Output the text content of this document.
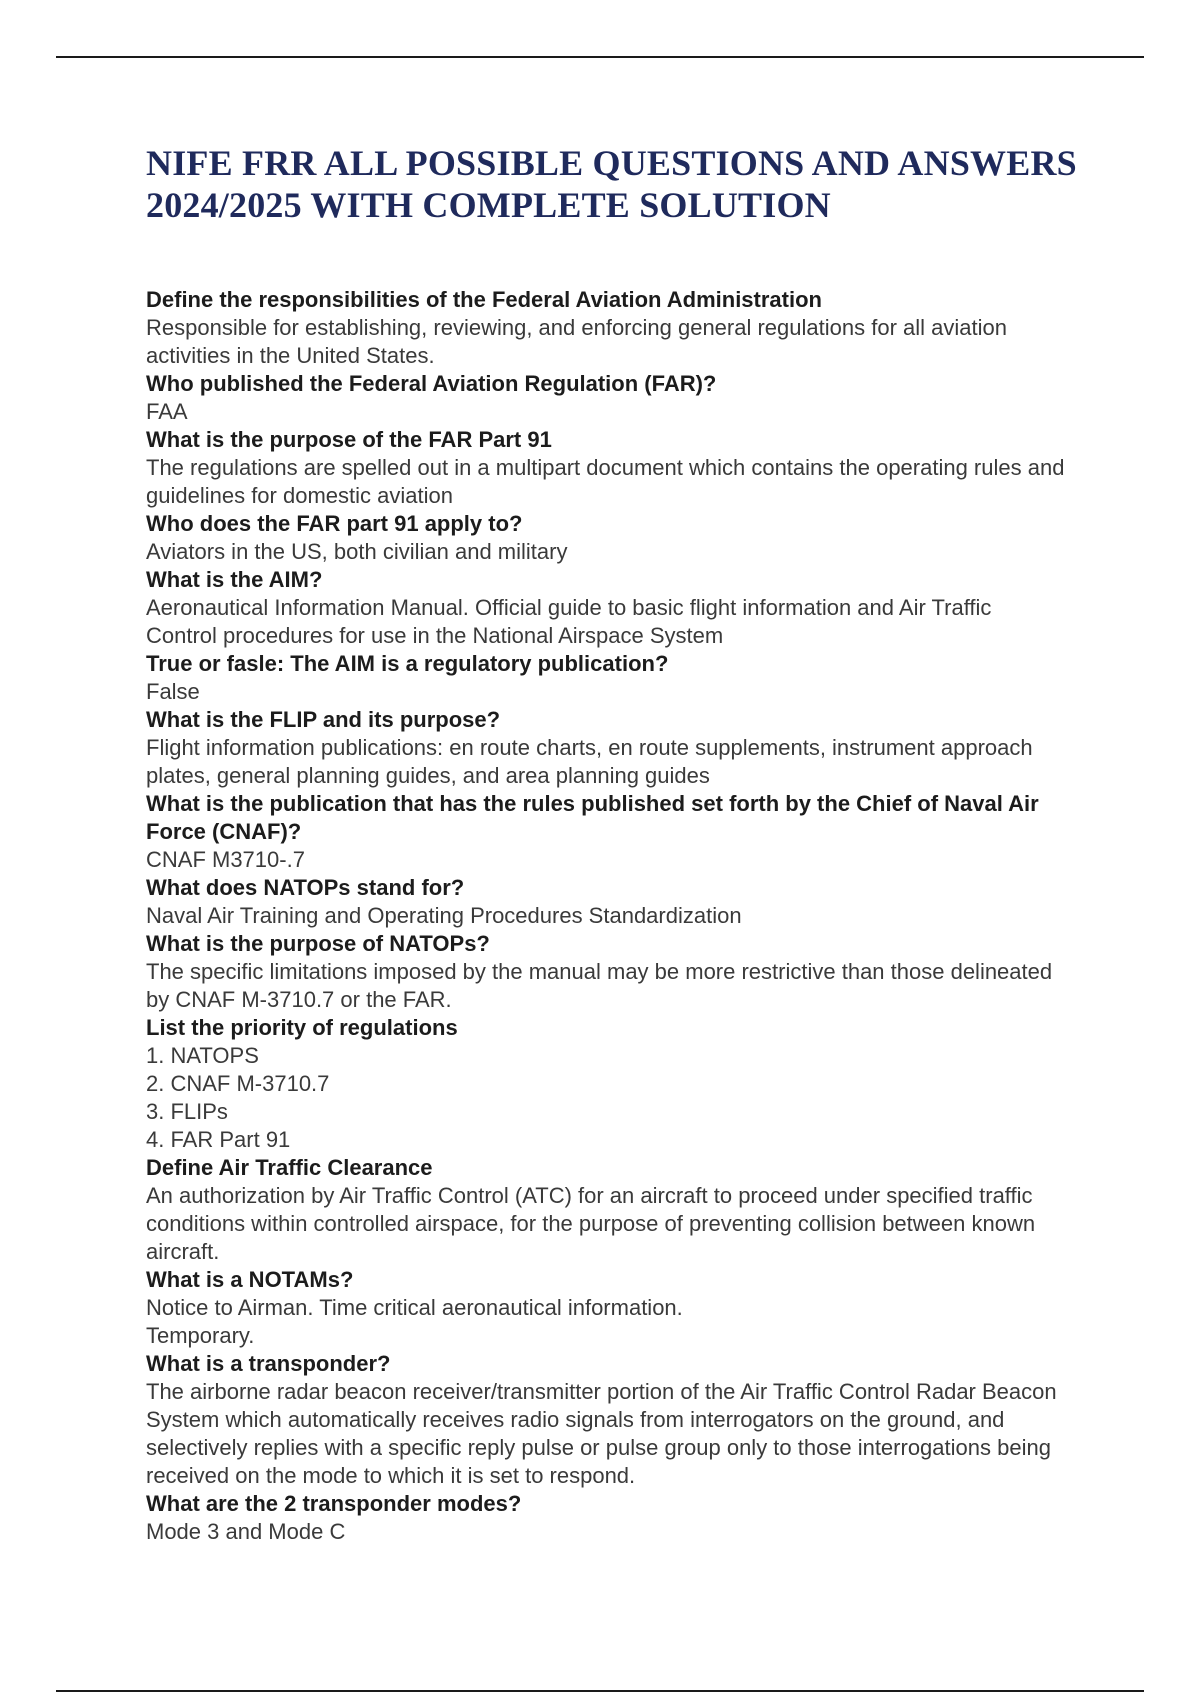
NIFE FRR ALL POSSIBLE QUESTIONS AND ANSWERS 2024/2025 WITH COMPLETE SOLUTION
Define the responsibilities of the Federal Aviation Administration
Responsible for establishing, reviewing, and enforcing general regulations for all aviation activities in the United States.
Who published the Federal Aviation Regulation (FAR)?
FAA
What is the purpose of the FAR Part 91
The regulations are spelled out in a multipart document which contains the operating rules and guidelines for domestic aviation
Who does the FAR part 91 apply to?
Aviators in the US, both civilian and military
What is the AIM?
Aeronautical Information Manual. Official guide to basic flight information and Air Traffic Control procedures for use in the National Airspace System
True or fasle: The AIM is a regulatory publication?
False
What is the FLIP and its purpose?
Flight information publications: en route charts, en route supplements, instrument approach plates, general planning guides, and area planning guides
What is the publication that has the rules published set forth by the Chief of Naval Air Force (CNAF)?
CNAF M3710-.7
What does NATOPs stand for?
Naval Air Training and Operating Procedures Standardization
What is the purpose of NATOPs?
The specific limitations imposed by the manual may be more restrictive than those delineated by CNAF M-3710.7 or the FAR.
List the priority of regulations
1. NATOPS
2. CNAF M-3710.7
3. FLIPs
4. FAR Part 91
Define Air Traffic Clearance
An authorization by Air Traffic Control (ATC) for an aircraft to proceed under specified traffic conditions within controlled airspace, for the purpose of preventing collision between known aircraft.
What is a NOTAMs?
Notice to Airman. Time critical aeronautical information.
Temporary.
What is a transponder?
The airborne radar beacon receiver/transmitter portion of the Air Traffic Control Radar Beacon System which automatically receives radio signals from interrogators on the ground, and selectively replies with a specific reply pulse or pulse group only to those interrogations being received on the mode to which it is set to respond.
What are the 2 transponder modes?
Mode 3 and Mode C
